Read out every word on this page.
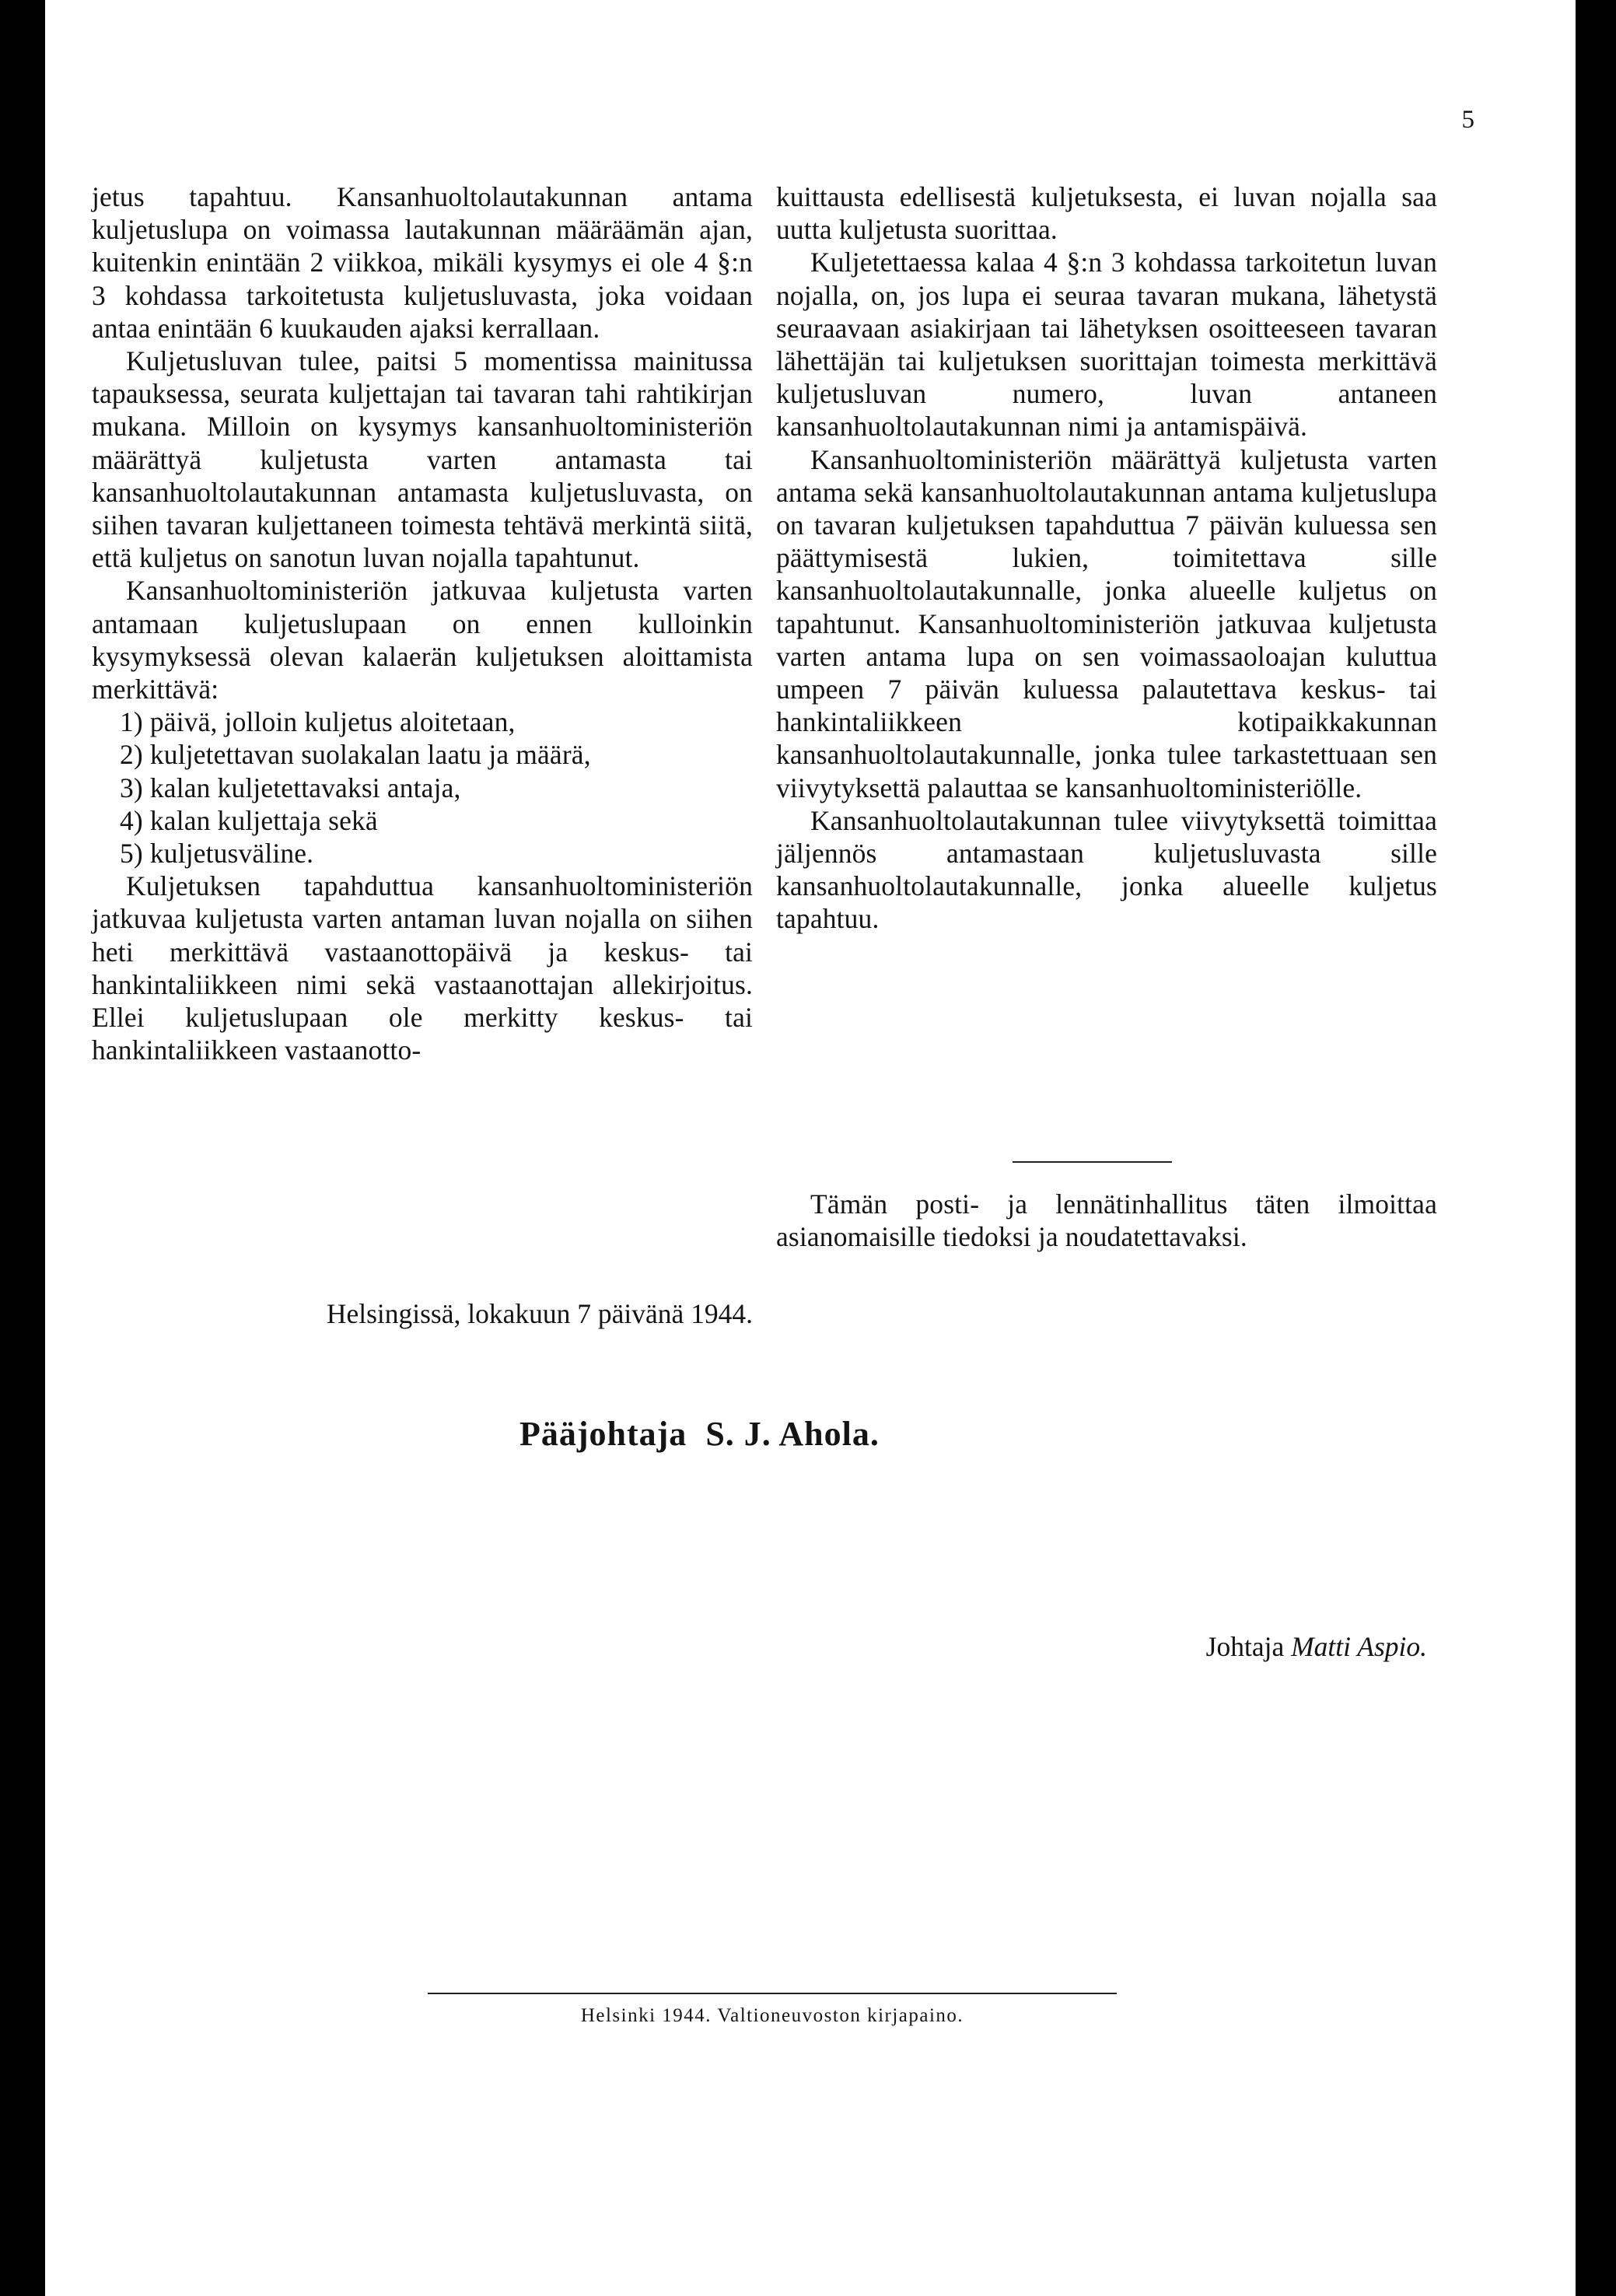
5

jetus tapahtuu. Kansanhuoltolautakunnan antama kuljetuslupa on voimassa lautakunnan määräämän ajan, kuitenkin enintään 2 viikkoa, mikäli kysymys ei ole 4 §:n 3 kohdassa tarkoitetusta kuljetusluvasta, joka voidaan antaa enintään 6 kuukauden ajaksi kerrallaan.

Kuljetusluvan tulee, paitsi 5 momentissa mainitussa tapauksessa, seurata kuljettajan tai tavaran tahi rahtikirjan mukana. Milloin on kysymys kansanhuoltoministeriön määrättyä kuljetusta varten antamasta tai kansanhuoltolautakunnan antamasta kuljetusluvasta, on siihen tavaran kuljettaneen toimesta tehtävä merkintä siitä, että kuljetus on sanotun luvan nojalla tapahtunut.

Kansanhuoltoministeriön jatkuvaa kuljetusta varten antamaan kuljetuslupaan on ennen kulloinkin kysymyksessä olevan kalaerän kuljetuksen aloittamista merkittävä:

1) päivä, jolloin kuljetus aloitetaan,

2) kuljetettavan suolakalan laatu ja määrä,

3) kalan kuljetettavaksi antaja,

4) kalan kuljettaja sekä

5) kuljetusväline.

Kuljetuksen tapahduttua kansanhuoltoministeriön jatkuvaa kuljetusta varten antaman luvan nojalla on siihen heti merkittävä vastaanottopäivä ja keskus- tai hankintaliikkeen nimi sekä vastaanottajan allekirjoitus. Ellei kuljetuslupaan ole merkitty keskus- tai hankintaliikkeen vastaanotto-

kuittausta edellisestä kuljetuksesta, ei luvan nojalla saa uutta kuljetusta suorittaa.

Kuljetettaessa kalaa 4 §:n 3 kohdassa tarkoitetun luvan nojalla, on, jos lupa ei seuraa tavaran mukana, lähetystä seuraavaan asiakirjaan tai lähetyksen osoitteeseen tavaran lähettäjän tai kuljetuksen suorittajan toimesta merkittävä kuljetusluvan numero, luvan antaneen kansanhuoltolautakunnan nimi ja antamispäivä.

Kansanhuoltoministeriön määrättyä kuljetusta varten antama sekä kansanhuoltolautakunnan antama kuljetuslupa on tavaran kuljetuksen tapahduttua 7 päivän kuluessa sen päättymisestä lukien, toimitettava sille kansanhuoltolautakunnalle, jonka alueelle kuljetus on tapahtunut. Kansanhuoltoministeriön jatkuvaa kuljetusta varten antama lupa on sen voimassaoloajan kuluttua umpeen 7 päivän kuluessa palautettava keskus- tai hankintaliikkeen kotipaikkakunnan kansanhuoltolautakunnalle, jonka tulee tarkastettuaan sen viivytyksettä palauttaa se kansanhuoltoministeriölle.

Kansanhuoltolautakunnan tulee viivytyksettä toimittaa jäljennös antamastaan kuljetusluvasta sille kansanhuoltolautakunnalle, jonka alueelle kuljetus tapahtuu.

Helsingissä, lokakuun 7 päivänä 1944.

Tämän posti- ja lennätinhallitus täten ilmoittaa asianomaisille tiedoksi ja noudatettavaksi.

Pääjohtaja S. J. Ahola.
Johtaja Matti Aspio.
Helsinki 1944. Valtioneuvoston kirjapaino.
